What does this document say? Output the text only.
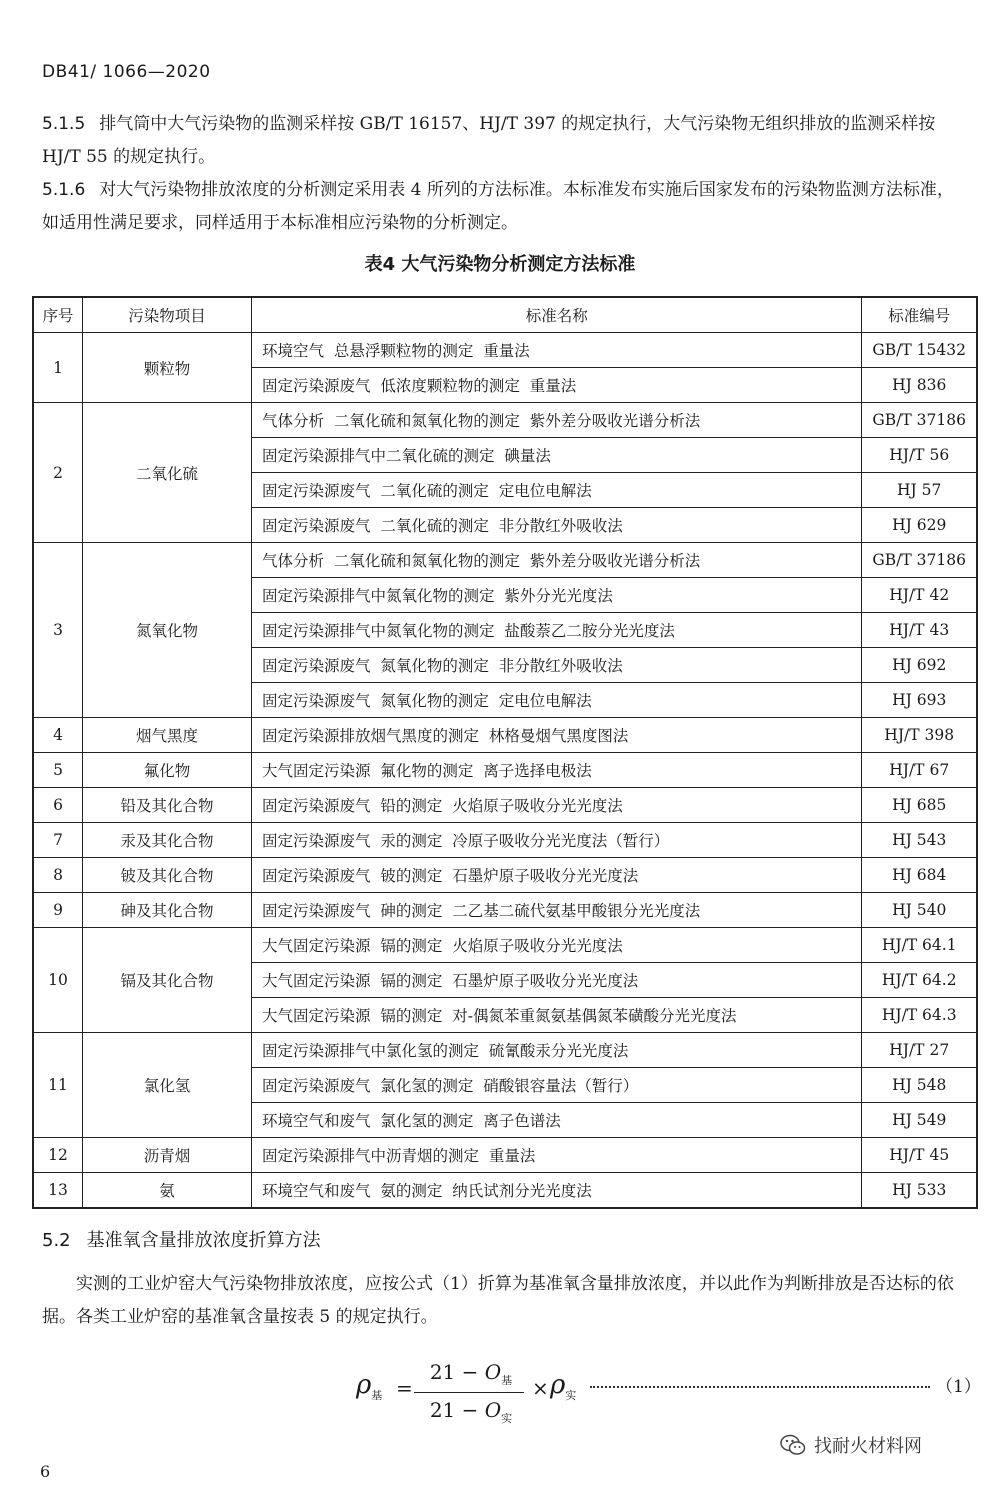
DB41/ 1066—2020
5.1.5 排气筒中大气污染物的监测采样按 GB/T 16157、HJ/T 397 的规定执行，大气污染物无组织排放的监测采样按 HJ/T 55 的规定执行。
5.1.6 对大气污染物排放浓度的分析测定采用表 4 所列的方法标准。本标准发布实施后国家发布的污染物监测方法标准，如适用性满足要求，同样适用于本标准相应污染物的分析测定。
表4 大气污染物分析测定方法标准
序号	污染物项目	标准名称	标准编号
1	颗粒物	环境空气  总悬浮颗粒物的测定  重量法	GB/T 15432
		固定污染源废气  低浓度颗粒物的测定  重量法	HJ 836
2	二氧化硫	气体分析  二氧化硫和氮氧化物的测定  紫外差分吸收光谱分析法	GB/T 37186
		固定污染源排气中二氧化硫的测定  碘量法	HJ/T 56
		固定污染源废气  二氧化硫的测定  定电位电解法	HJ 57
		固定污染源废气  二氧化硫的测定  非分散红外吸收法	HJ 629
3	氮氧化物	气体分析  二氧化硫和氮氧化物的测定  紫外差分吸收光谱分析法	GB/T 37186
		固定污染源排气中氮氧化物的测定  紫外分光光度法	HJ/T 42
		固定污染源排气中氮氧化物的测定  盐酸萘乙二胺分光光度法	HJ/T 43
		固定污染源废气  氮氧化物的测定  非分散红外吸收法	HJ 692
		固定污染源废气  氮氧化物的测定  定电位电解法	HJ 693
4	烟气黑度	固定污染源排放烟气黑度的测定  林格曼烟气黑度图法	HJ/T 398
5	氟化物	大气固定污染源  氟化物的测定  离子选择电极法	HJ/T 67
6	铅及其化合物	固定污染源废气  铅的测定  火焰原子吸收分光光度法	HJ 685
7	汞及其化合物	固定污染源废气  汞的测定  冷原子吸收分光光度法（暂行）	HJ 543
8	铍及其化合物	固定污染源废气  铍的测定  石墨炉原子吸收分光光度法	HJ 684
9	砷及其化合物	固定污染源废气  砷的测定  二乙基二硫代氨基甲酸银分光光度法	HJ 540
10	镉及其化合物	大气固定污染源  镉的测定  火焰原子吸收分光光度法	HJ/T 64.1
		大气固定污染源  镉的测定  石墨炉原子吸收分光光度法	HJ/T 64.2
		大气固定污染源  镉的测定  对-偶氮苯重氮氨基偶氮苯磺酸分光光度法	HJ/T 64.3
11	氯化氢	固定污染源排气中氯化氢的测定  硫氰酸汞分光光度法	HJ/T 27
		固定污染源废气  氯化氢的测定  硝酸银容量法（暂行）	HJ 548
		环境空气和废气  氯化氢的测定  离子色谱法	HJ 549
12	沥青烟	固定污染源排气中沥青烟的测定  重量法	HJ/T 45
13	氨	环境空气和废气  氨的测定  纳氏试剂分光光度法	HJ 533
5.2 基准氧含量排放浓度折算方法
实测的工业炉窑大气污染物排放浓度，应按公式（1）折算为基准氧含量排放浓度，并以此作为判断排放是否达标的依据。各类工业炉窑的基准氧含量按表 5 的规定执行。
$\rho_基$ =
$21 - O_基$
$21 - O_实$
× $\rho_实$	（1）
找耐火材料网
6
